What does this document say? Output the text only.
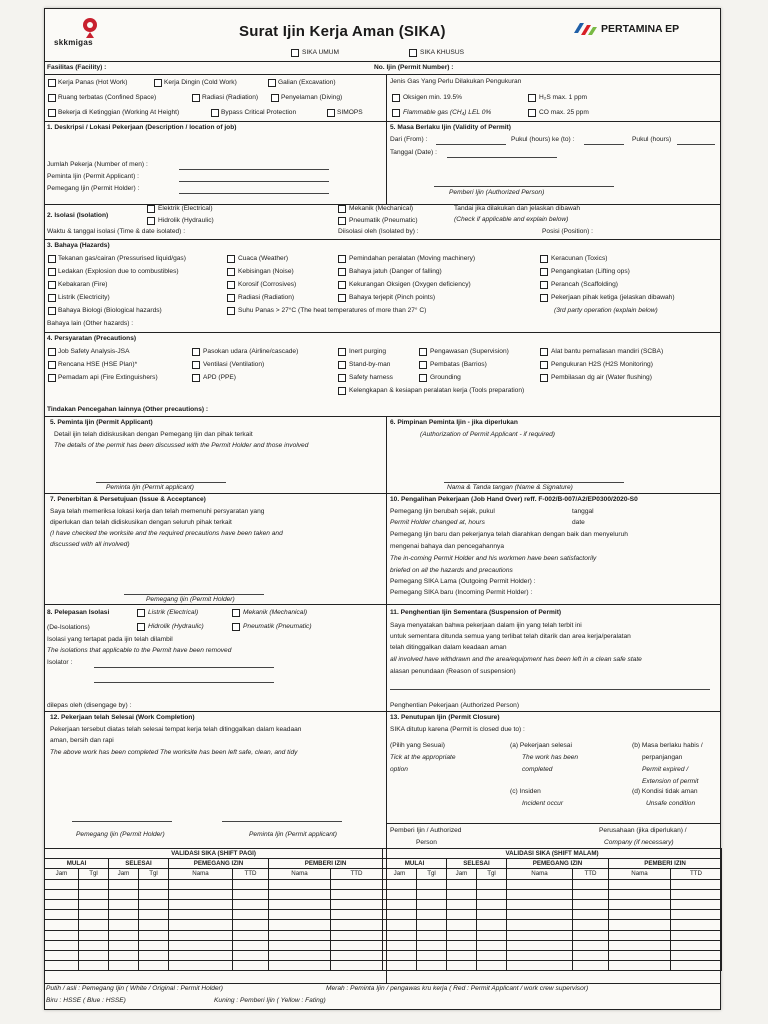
skkmigas
Surat Ijin Kerja Aman (SIKA)	PERTAMINA EP
SIKA UMUM	SIKA KHUSUS
Fasilitas (Facility) :	No. Ijin (Permit Number) :
Kerja Panas (Hot Work)	Kerja Dingin (Cold Work)	Galian (Excavation)
Ruang terbatas (Confined Space)	Radiasi (Radiation)	Penyelaman (Diving)
Bekerja di Ketinggian (Working At Height)	Bypass Critical Protection	SIMOPS
Jenis Gas Yang Perlu Dilakukan Pengukuran
Oksigen min. 19.5%	H₂S max. 1 ppm
Flammable gas (CH₄) LEL 0%	CO max. 25 ppm
1. Deskripsi / Lokasi Pekerjaan (Description / location of job)
Jumlah Pekerja (Number of men) :
Peminta Ijin (Permit Applicant) :
Pemegang Ijin (Permit Holder) :
5. Masa Berlaku Ijin (Validity of Permit)
Dari (From) :	Pukul (hours) ke (to) :	Pukul (hours)
Tanggal (Date) :
Pemberi Ijin (Authorized Person)
2. Isolasi (Isolation)
Elektrik (Electrical)
Hidrolik (Hydraulic)
Mekanik (Mechanical)
Pneumatik (Pneumatic)
Tandai jika dilakukan dan jelaskan dibawah
(Check if applicable and explain below)
Waktu & tanggal isolasi (Time & date isolated) :	Diisolasi oleh (Isolated by) :	Posisi (Position) :
3. Bahaya (Hazards)
Tekanan gas/cairan (Pressurised liquid/gas)
Ledakan (Explosion due to combustibles)
Kebakaran (Fire)
Listrik (Electricity)
Bahaya Biologi (Biological hazards)
Cuaca (Weather)
Kebisingan (Noise)
Korosif (Corrosives)
Radiasi (Radiation)
Suhu Panas > 27°C (The heat temperatures of more than 27° C)
Pemindahan peralatan (Moving machinery)
Bahaya jatuh (Danger of falling)
Kekurangan Oksigen (Oxygen deficiency)
Bahaya terjepit (Pinch points)
Keracunan (Toxics)
Pengangkatan (Lifting ops)
Perancah (Scaffolding)
Pekerjaan pihak ketiga (jelaskan dibawah)
(3rd party operation (explain below)
Bahaya lain (Other hazards) :
4. Persyaratan (Precautions)
Job Safety Analysis-JSA
Rencana HSE (HSE Plan)*
Pemadam api (Fire Extinguishers)
Pasokan udara (Airline/cascade)
Ventilasi (Ventilation)
APD (PPE)
Inert purging
Stand-by-man
Safety harness
Kelengkapan & kesiapan peralatan kerja (Tools preparation)
Pengawasan (Supervision)
Pembatas (Barrios)
Grounding
Alat bantu pernafasan mandiri (SCBA)
Pengukuran H2S (H2S Monitoring)
Pembilasan dg air (Water flushing)
Tindakan Pencegahan lainnya (Other precautions) :
5. Peminta Ijin (Permit Applicant)
Detail ijin telah didiskusikan dengan Pemegang Ijin dan pihak terkait
The details of the permit has been discussed with the Permit Holder and those involved
Peminta Ijin (Permit applicant)
6. Pimpinan Peminta Ijin - jika diperlukan
(Authorization of Permit Applicant - if required)
Nama & Tanda tangan (Name & Signature)
7. Penerbitan & Persetujuan (Issue & Acceptance)
Saya telah memeriksa lokasi kerja dan telah memenuhi persyaratan yang
diperlukan dan telah didiskusikan dengan seluruh pihak terkait
(I have checked the worksite and the required precautions have been taken and
discussed with all involved)
Pemegang Ijin (Permit Holder)
10. Pengalihan Pekerjaan (Job Hand Over) reff. F-002/B-007/A2/EP0300/2020-S0
Pemegang Ijin berubah sejak, pukul	tanggal
Permit Holder changed at, hours	date
Pemegang Ijin baru dan pekerjanya telah diarahkan dengan baik dan menyeluruh
mengenai bahaya dan pencegahannya
The in-coming Permit Holder and his workmen have been satisfactorily
briefed on all the hazards and precautions
Pemegang SIKA Lama (Outgoing Permit Holder) :
Pemegang SIKA baru (Incoming Permit Holder) :
8. Pelepasan Isolasi	Listrik (Electrical)	Mekanik (Mechanical)
(De-Isolations)	Hidrolik (Hydraulic)	Pneumatik (Pneumatic)
Isolasi yang tertapat pada ijin telah dilambil
The isolations that applicable to the Permit have been removed
Isolator :
dilepas oleh (disengage by) :
11. Penghentian Ijin Sementara (Suspension of Permit)
Saya menyatakan bahwa pekerjaan dalam ijin yang telah terbit ini
untuk sementara ditunda semua yang terlibat telah ditarik dan area kerja/peralatan
telah ditinggalkan dalam keadaan aman
all involved have withdrawn and the area/equipment has been left in a clean safe state
alasan penundaan (Reason of suspension)
Penghentian Pekerjaan (Authorized Person)
12. Pekerjaan telah Selesai (Work Completion)
Pekerjaan tersebut diatas telah selesai tempat kerja telah ditinggalkan dalam keadaan
aman, bersih dan rapi
The above work has been completed The worksite has been left safe, clean, and tidy
Pemegang Ijin (Permit Holder)	Peminta Ijin (Permit applicant)
13. Penutupan Ijin (Permit Closure)
SIKA ditutup karena (Permit is closed due to) :
(Pilih yang Sesuai)
Tick at the appropriate
option
(a) Pekerjaan selesai
The work has been
completed
(b) Masa berlaku habis /
perpanjangan
Permit expired /
Extension of permit
(c) Insiden
Incident occur
(d) Kondisi tidak aman
Unsafe condition
Pemberi Ijin / Authorized
Person
Perusahaan (jika diperlukan) /
Company (if necessary)
VALIDASI SIKA (SHIFT PAGI)							
MULAI		SELESAI		PEMEGANG IZIN		PEMBERI IZIN	
Jam	Tgl	Jam	Tgl	Nama	TTD	Nama	TTD

VALIDASI SIKA (SHIFT MALAM)							
MULAI		SELESAI		PEMEGANG IZIN		PEMBERI IZIN	
Jam	Tgl	Jam	Tgl	Nama	TTD	Nama	TTD

Putih / asli : Pemegang Ijin ( White / Original : Permit Holder)	Merah : Peminta Ijin / pengawas kru kerja ( Red : Permit Applicant / work crew supervisor)
Biru : HSSE ( Blue : HSSE)	Kuning : Pemberi Ijin ( Yellow : Fating)
